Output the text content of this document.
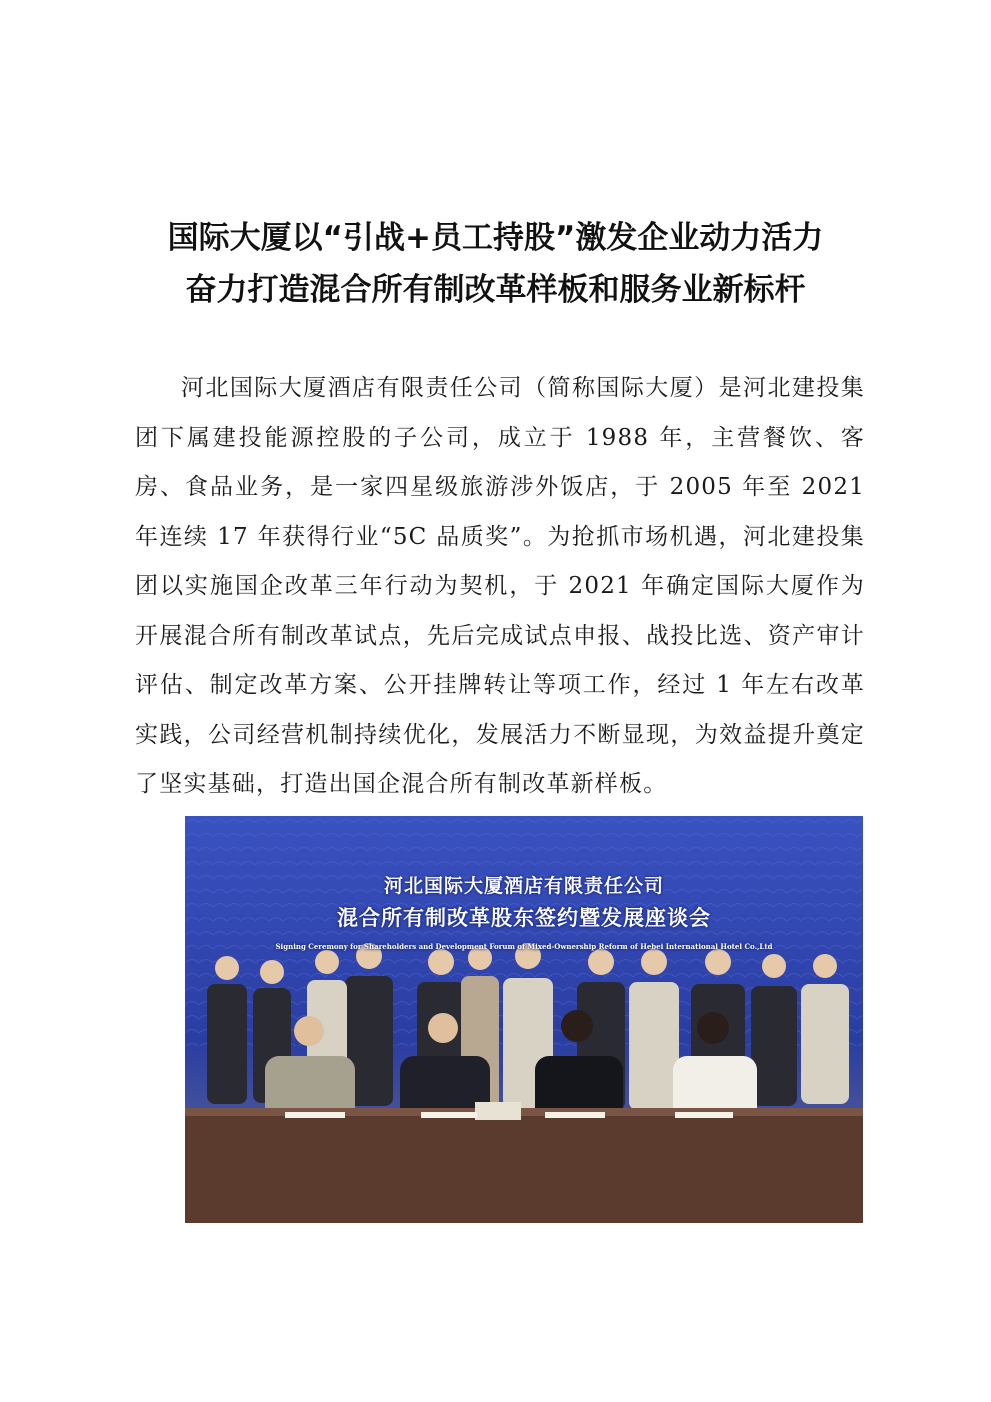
国际大厦以“引战+员工持股”激发企业动力活力
奋力打造混合所有制改革样板和服务业新标杆

河北国际大厦酒店有限责任公司（简称国际大厦）是河北建投集团下属建投能源控股的子公司，成立于 1988 年，主营餐饮、客房、食品业务，是一家四星级旅游涉外饭店，于 2005 年至 2021 年连续 17 年获得行业“5C 品质奖”。为抢抓市场机遇，河北建投集团以实施国企改革三年行动为契机，于 2021 年确定国际大厦作为开展混合所有制改革试点，先后完成试点申报、战投比选、资产审计评估、制定改革方案、公开挂牌转让等项工作，经过 1 年左右改革实践，公司经营机制持续优化，发展活力不断显现，为效益提升奠定了坚实基础，打造出国企混合所有制改革新样板。

河北国际大厦酒店有限责任公司
混合所有制改革股东签约暨发展座谈会
Signing Ceremony for Shareholders and Development Forum of Mixed-Ownership Reform of Hebei International Hotel Co.,Ltd
